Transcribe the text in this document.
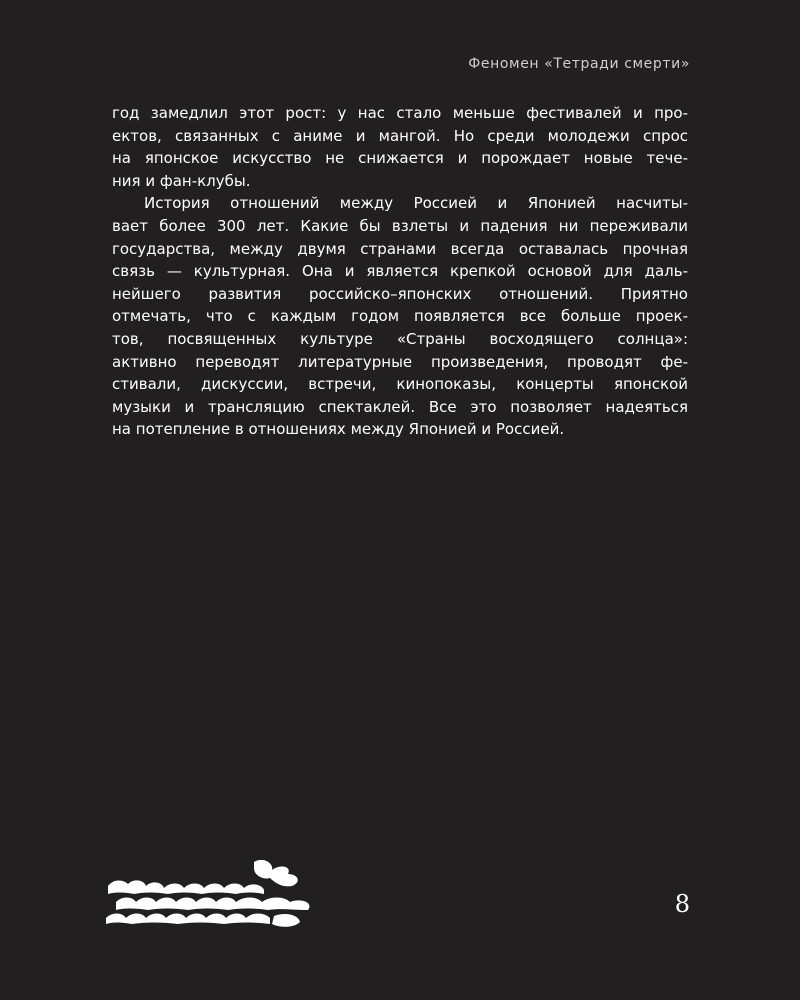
Феномен «Тетради смерти»
год замедлил этот рост: у нас стало меньше фестивалей и про-
ектов, связанных с аниме и мангой. Но среди молодежи спрос
на японское искусство не снижается и порождает новые течe-
ния и фан-клубы.
История отношений между Россией и Японией насчиты-
вает более 300 лет. Какие бы взлеты и падения ни переживали
государства, между двумя странами всегда оставалась прочная
связь — культурная. Она и является крепкой основой для даль-
нейшего развития российско–японских отношений. Приятно
отмечать, что с каждым годом появляется все больше проек-
тов, посвященных культуре «Страны восходящего солнца»:
активно переводят литературные произведения, проводят фе-
стивали, дискуссии, встречи, кинопоказы, концерты японской
музыки и трансляцию спектаклей. Все это позволяет надеяться
на потепление в отношениях между Японией и Россией.
8
